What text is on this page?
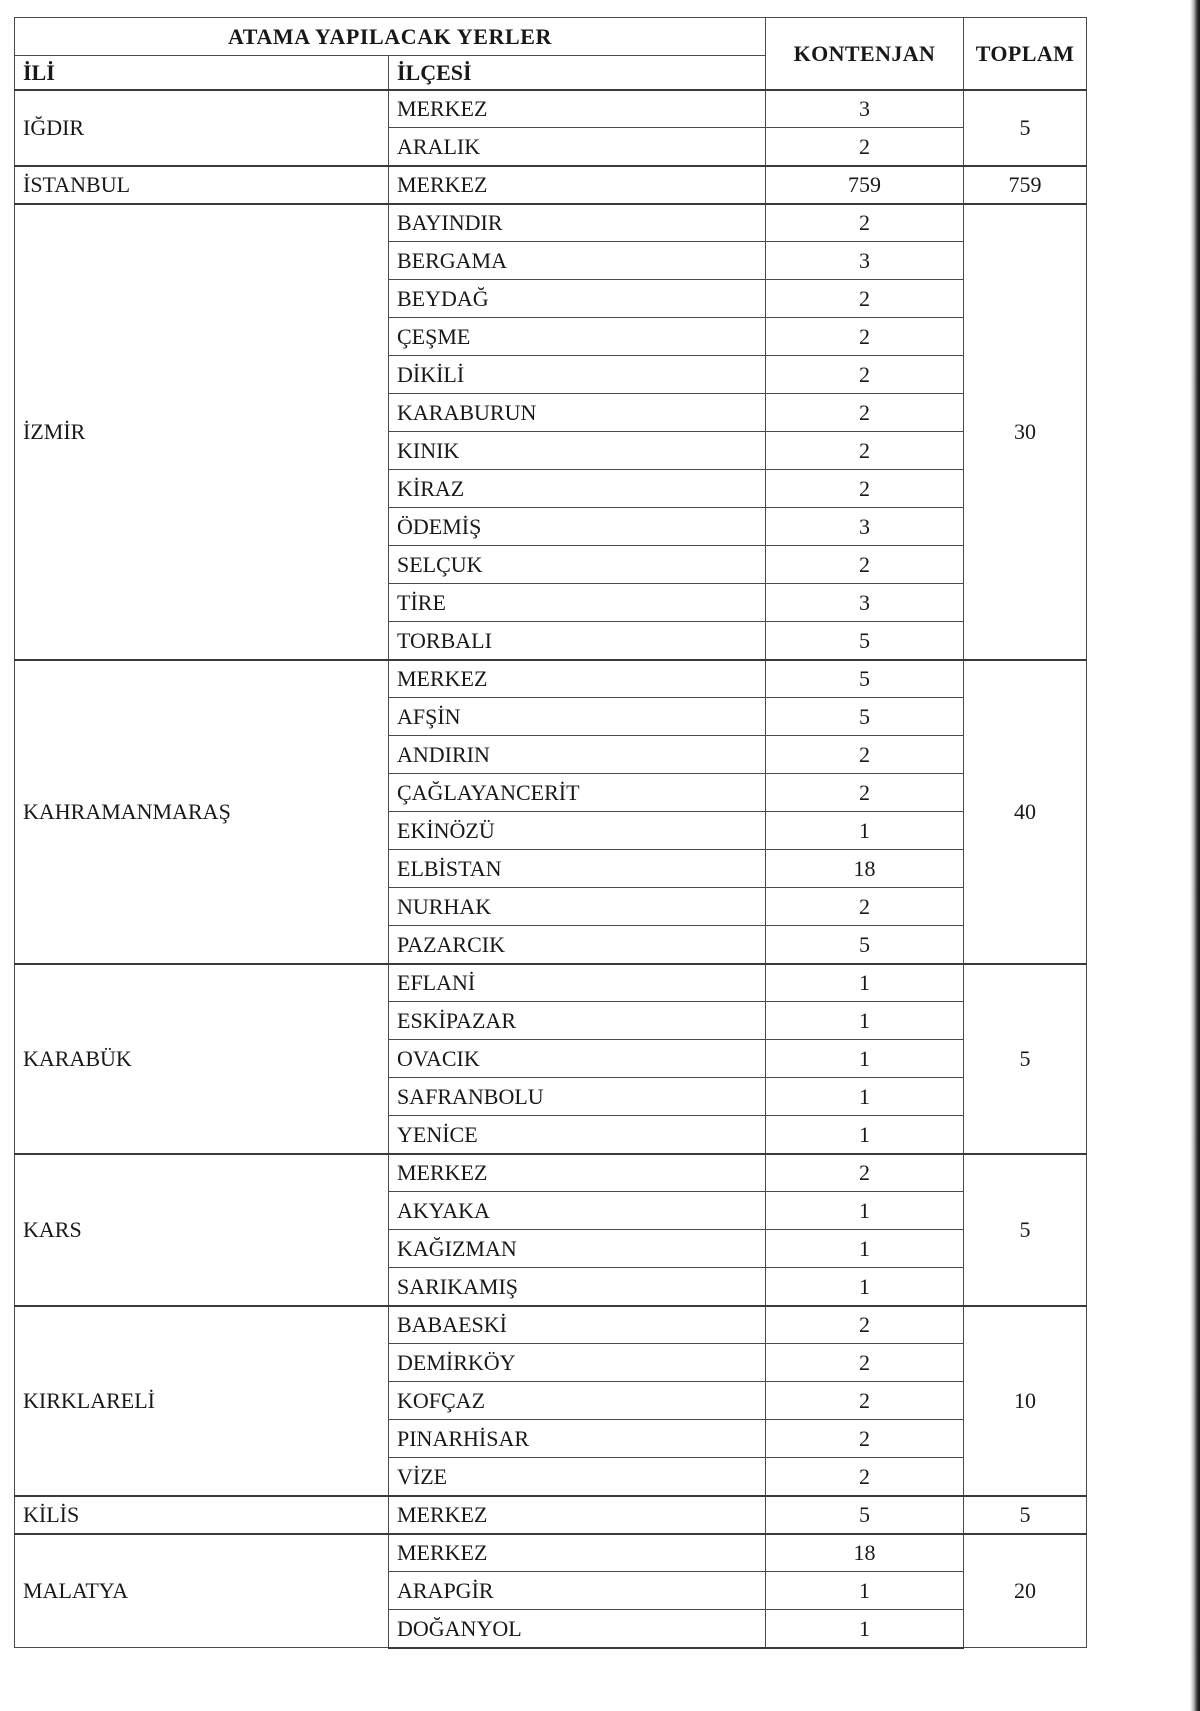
ATAMA YAPILACAK YERLER		KONTENJAN	TOPLAM
İLİ	İLÇESİ		
IĞDIR	MERKEZ	3	5
	ARALIK	2	
İSTANBUL	MERKEZ	759	759
İZMİR	BAYINDIR	2	30
	BERGAMA	3	
	BEYDAĞ	2	
	ÇEŞME	2	
	DİKİLİ	2	
	KARABURUN	2	
	KINIK	2	
	KİRAZ	2	
	ÖDEMİŞ	3	
	SELÇUK	2	
	TİRE	3	
	TORBALI	5	
KAHRAMANMARAŞ	MERKEZ	5	40
	AFŞİN	5	
	ANDIRIN	2	
	ÇAĞLAYANCERİT	2	
	EKİNÖZÜ	1	
	ELBİSTAN	18	
	NURHAK	2	
	PAZARCIK	5	
KARABÜK	EFLANİ	1	5
	ESKİPAZAR	1	
	OVACIK	1	
	SAFRANBOLU	1	
	YENİCE	1	
KARS	MERKEZ	2	5
	AKYAKA	1	
	KAĞIZMAN	1	
	SARIKAMIŞ	1	
KIRKLARELİ	BABAESKİ	2	10
	DEMİRKÖY	2	
	KOFÇAZ	2	
	PINARHİSAR	2	
	VİZE	2	
KİLİS	MERKEZ	5	5
MALATYA	MERKEZ	18	20
	ARAPGİR	1	
	DOĞANYOL	1	
